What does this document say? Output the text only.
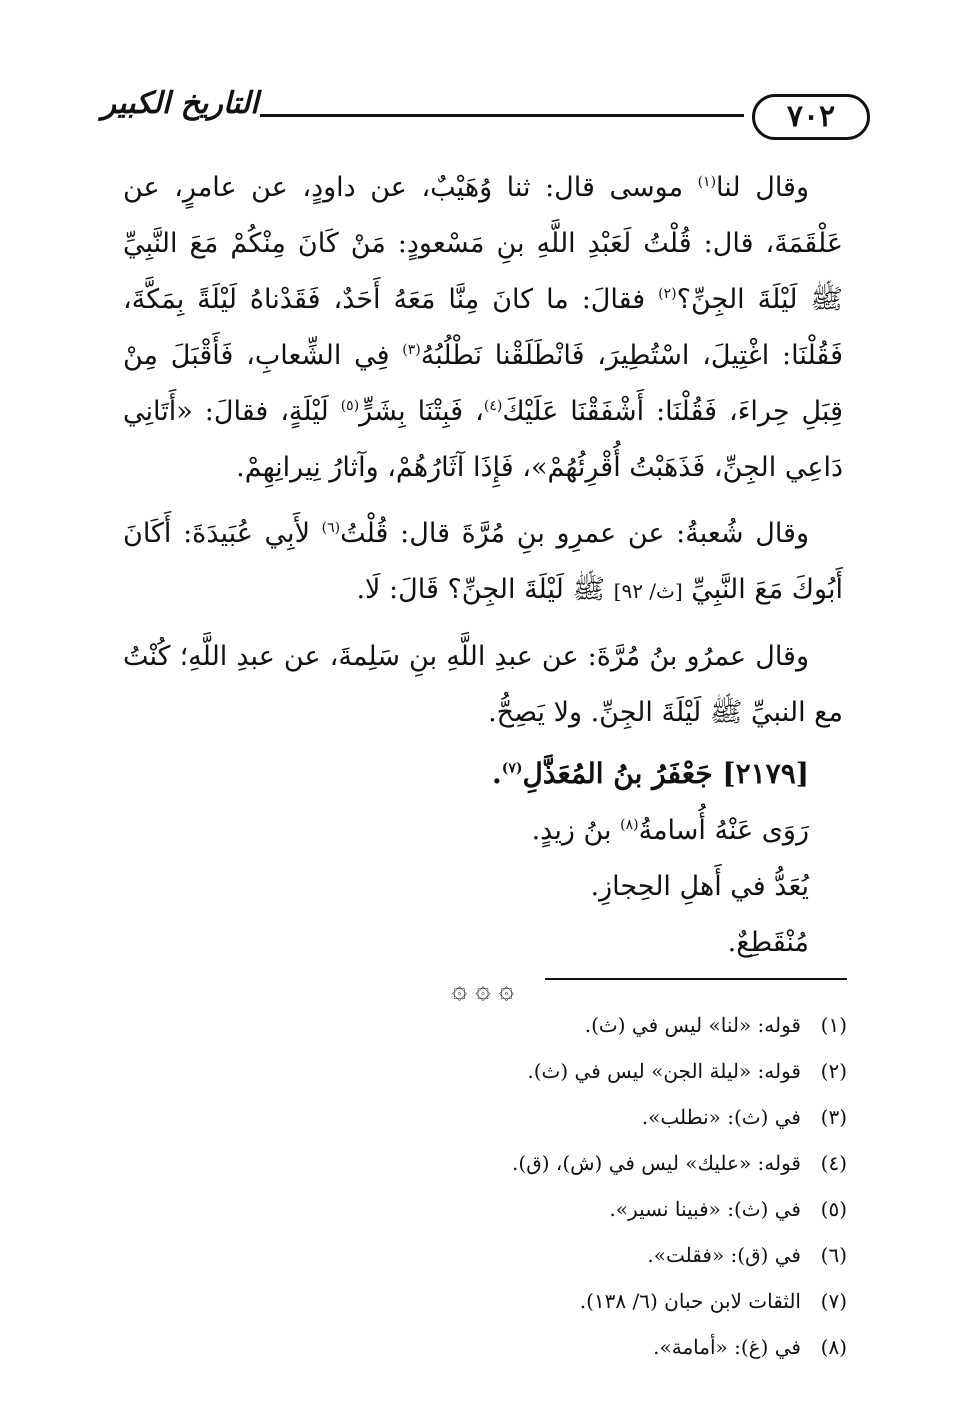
٧٠٢
التاريخ الكبير

وقال لنا$^{(١)}$ موسى قال: ثنا وُهَيْبٌ، عن داودٍ، عن عامرٍ، عن عَلْقَمَةَ، قال: قُلْتُ لَعَبْدِ اللَّهِ بنِ مَسْعودٍ: مَنْ كَانَ مِنْكُمْ مَعَ النَّبِيِّ ﷺ لَيْلَةَ الجِنِّ؟$^{(٢)}$ فقالَ: ما كانَ مِنَّا مَعَهُ أَحَدٌ، فَقَدْناهُ لَيْلَةً بِمَكَّةَ، فَقُلْنَا: اغْتِيلَ، اسْتُطِيرَ، فَانْطَلَقْنا نَطْلُبُهُ$^{(٣)}$ فِي الشِّعابِ، فَأَقْبَلَ مِنْ قِبَلِ حِراءَ، فَقُلْنَا: أَشْفَقْنَا عَلَيْكَ$^{(٤)}$، فَبِتْنَا بِشَرٍّ$^{(٥)}$ لَيْلَةٍ، فقالَ: «أَتَانِي دَاعِي الجِنِّ، فَذَهَبْتُ أُقْرِئُهُمْ»، فَإِذَا آثَارُهُمْ، وآثارُ نِيرانِهِمْ.

وقال شُعبةُ: عن عمرِو بنِ مُرَّةَ قال: قُلْتُ$^{(٦)}$ لأَبِي عُبَيدَةَ: أَكَانَ أَبُوكَ مَعَ النَّبِيِّ [ث/ ٩٢] ﷺ لَيْلَةَ الجِنِّ؟ قَالَ: لَا.

وقال عمرُو بنُ مُرَّةَ: عن عبدِ اللَّهِ بنِ سَلِمةَ، عن عبدِ اللَّهِ؛ كُنْتُ مع النبيِّ ﷺ لَيْلَةَ الجِنِّ. ولا يَصِحُّ.

[٢١٧٩] جَعْفَرُ بنُ المُعَذَّلِ$^{(٧)}$.
رَوَى عَنْهُ أُسامةُ$^{(٨)}$ بنُ زيدٍ.
يُعَدُّ في أَهلِ الحِجازِ.
مُنْقَطِعٌ.
۞ ۞ ۞

(١)قوله: «لنا» ليس في (ث).

(٢)قوله: «ليلة الجن» ليس في (ث).

(٣)في (ث): «نطلب».

(٤)قوله: «عليك» ليس في (ش)، (ق).

(٥)في (ث): «فبينا نسير».

(٦)في (ق): «فقلت».

(٧)الثقات لابن حبان (٦/ ١٣٨).

(٨)في (غ): «أمامة».
